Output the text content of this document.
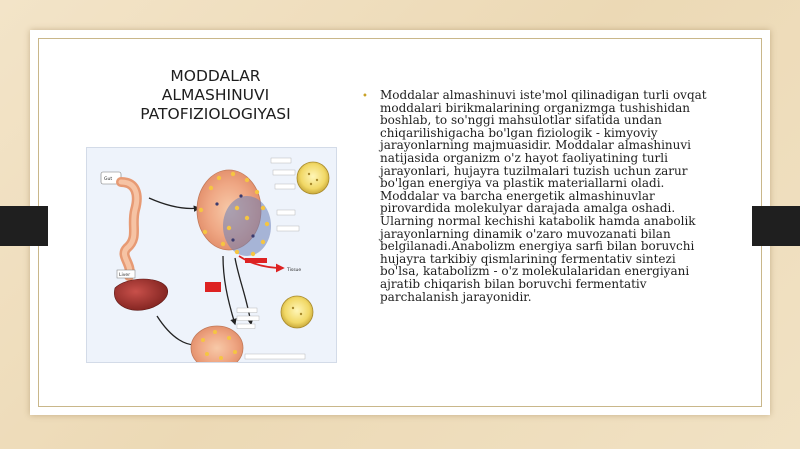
MODDALAR
ALMASHINUVI
PATOFIZIOLOGIYASI
Gut
Tissue
Liver
•	Moddalar almashinuvi iste'mol qilinadigan turli ovqat moddalari birikmalarining organizmga tushishidan boshlab, to so'nggi mahsulotlar sifatida undan chiqarilishigacha bo'lgan fiziologik - kimyoviy jarayonlarning majmuasidir. Moddalar almashinuvi natijasida organizm o'z hayot faoliyatining turli jarayonlari, hujayra tuzilmalari tuzish uchun zarur bo'lgan energiya va plastik materiallarni oladi. Moddalar va barcha energetik almashinuvlar pirovardida molekulyar darajada amalga oshadi. Ularning normal kechishi katabolik hamda anabolik jarayonlarning dinamik o'zaro muvozanati bilan belgilanadi.Anabolizm energiya sarfi bilan boruvchi hujayra tarkibiy qismlarining fermentativ sintezi bo'lsa, katabolizm - o'z molekulalaridan energiyani ajratib chiqarish bilan boruvchi fermentativ parchalanish jarayonidir.
